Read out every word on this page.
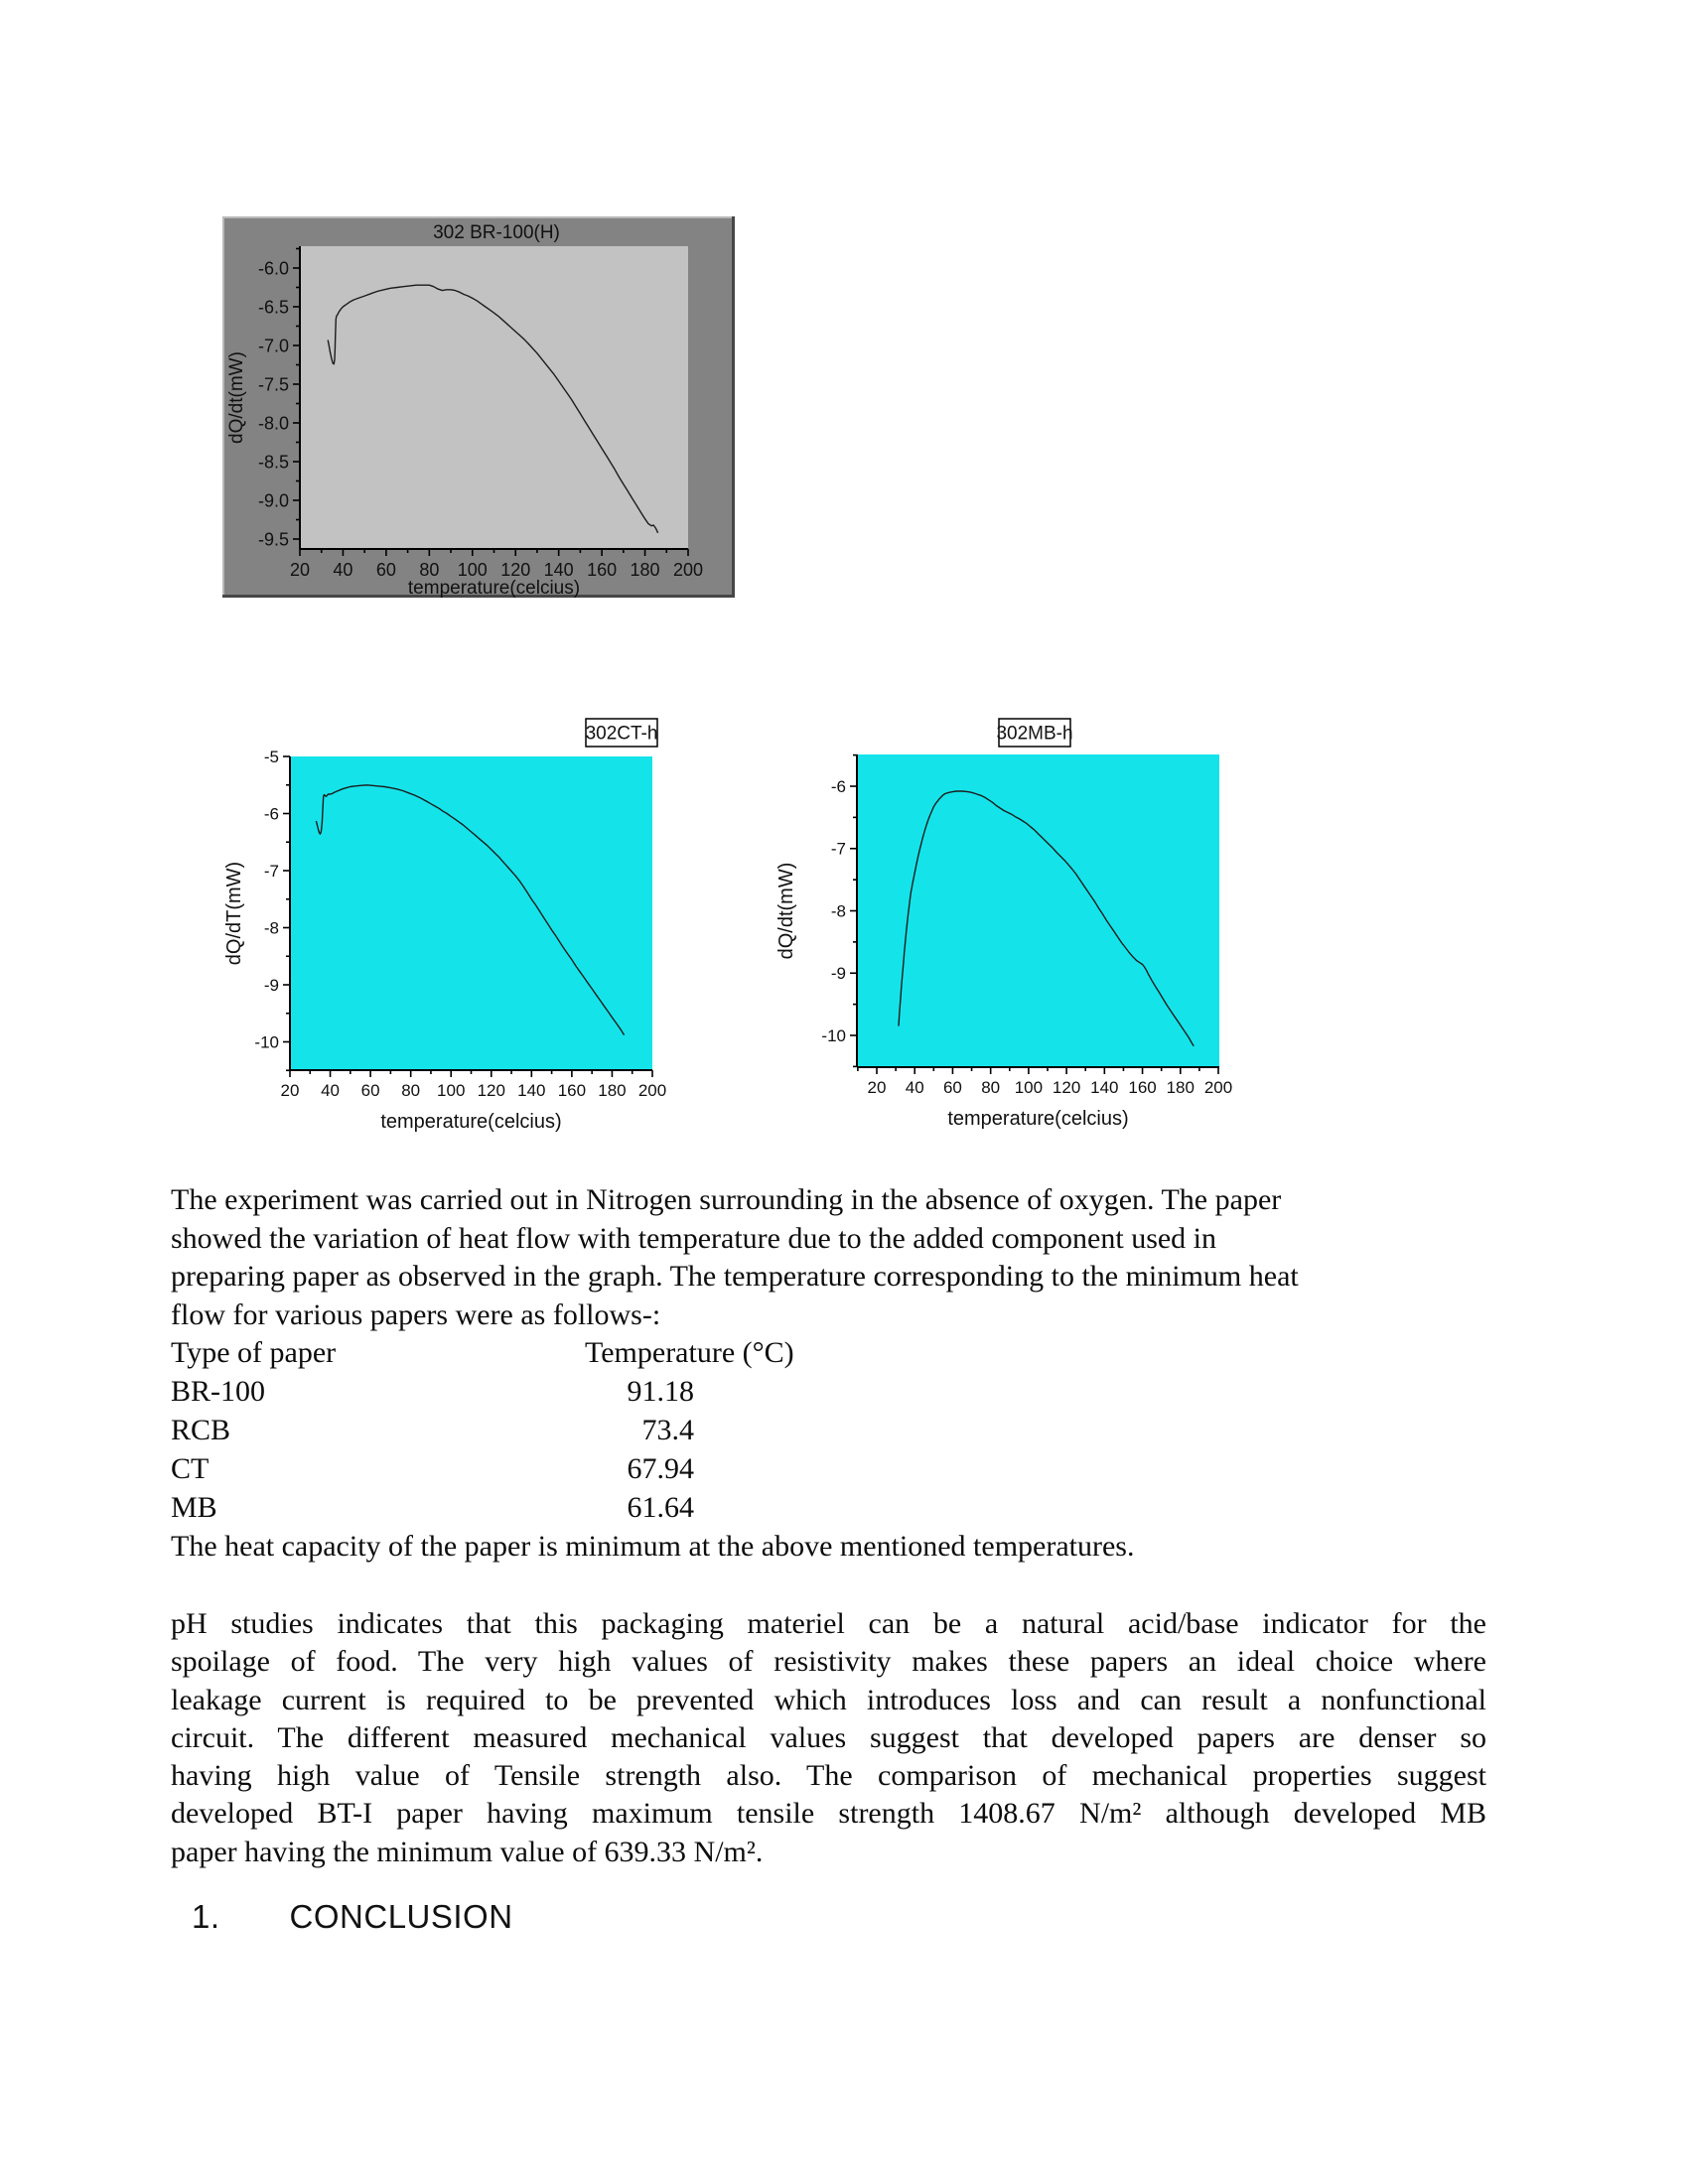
20 40 60 80 100 120 140 160 180 200
-6.0
-6.5
-7.0
-7.5
-8.0
-8.5
-9.0
-9.5
302 BR-100(H)
temperature(celcius)
dQ/dt(mW)
20 40 60 80 100 120 140 160 180 200
-5
-6
-7
-8
-9
-10
302CT-h
temperature(celcius)
dQ/dT(mW)
20 40 60 80 100 120 140 160 180 200
-6
-7
-8
-9
-10
302MB-h
temperature(celcius)
dQ/dt(mW)
The experiment was carried out in Nitrogen surrounding in the absence of oxygen. The paper
showed the variation of heat flow with temperature due to the added component used in
preparing paper as observed in the graph. The temperature corresponding to the minimum heat
flow for various papers were as follows-:
Type of paper	Temperature (°C)
BR-100	91.18
RCB	73.4
CT	67.94
MB	61.64
The heat capacity of the paper is minimum at the above mentioned temperatures.
pH studies indicates that this packaging materiel can be a natural acid/base indicator for the
spoilage of food. The very high values of resistivity makes these papers an ideal choice where
leakage current is required to be prevented which introduces loss and can result a nonfunctional
circuit. The different measured mechanical values suggest that developed papers are denser so
having high value of Tensile strength also. The comparison of mechanical properties suggest
developed BT-I paper having maximum tensile strength 1408.67 N/m² although developed MB
paper having the minimum value of 639.33 N/m².
1. CONCLUSION
